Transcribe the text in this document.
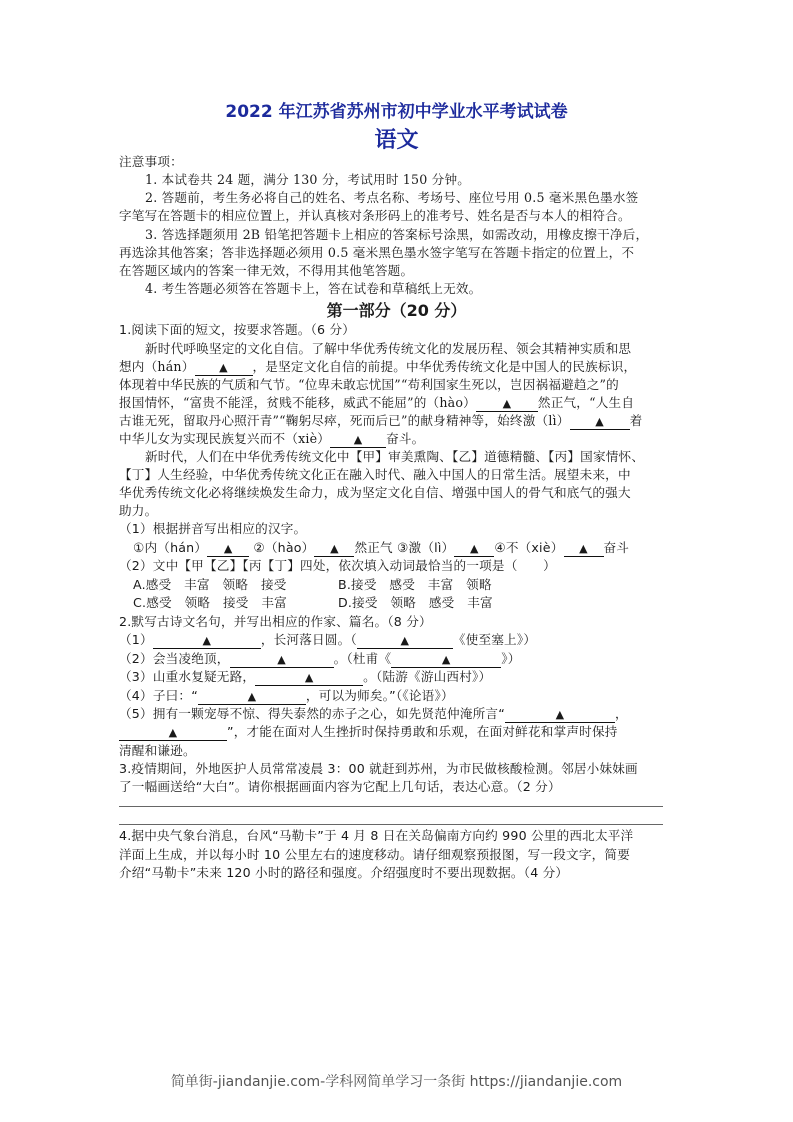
2022 年江苏省苏州市初中学业水平考试试卷
语文
注意事项：
1. 本试卷共 24 题，满分 130 分，考试用时 150 分钟。
2. 答题前，考生务必将自己的姓名、考点名称、考场号、座位号用 0.5 毫米黑色墨水签
字笔写在答题卡的相应位置上，并认真核对条形码上的准考号、姓名是否与本人的相符合。
3. 答选择题须用 2B 铅笔把答题卡上相应的答案标号涂黑，如需改动，用橡皮擦干净后，
再选涂其他答案；答非选择题必须用 0.5 毫米黑色墨水签字笔写在答题卡指定的位置上，不
在答题区域内的答案一律无效，不得用其他笔答题。
4. 考生答题必须答在答题卡上，答在试卷和草稿纸上无效。
第一部分（20 分）
1.阅读下面的短文，按要求答题。（6 分）
新时代呼唤坚定的文化自信。了解中华优秀传统文化的发展历程、领会其精神实质和思
想内（hán） ▲ ，是坚定文化自信的前提。中华优秀传统文化是中国人的民族标识，
体现着中华民族的气质和气节。“位卑未敢忘忧国”“苟利国家生死以，岂因祸福避趋之”的
报国情怀，“富贵不能淫，贫贱不能移，威武不能屈”的（hào） ▲ 然正气，“人生自
古谁无死，留取丹心照汗青”“鞠躬尽瘁，死而后已”的献身精神等，始终激（lì） ▲ 着
中华儿女为实现民族复兴而不（xiè） ▲ 奋斗。
新时代，人们在中华优秀传统文化中【甲】审美熏陶、【乙】道德精髓、【丙】国家情怀、
【丁】人生经验，中华优秀传统文化正在融入时代、融入中国人的日常生活。展望未来，中
华优秀传统文化必将继续焕发生命力，成为坚定文化自信、增强中国人的骨气和底气的强大
助力。
（1）根据拼音写出相应的汉字。
①内（hán） ▲ ②（hào） ▲ 然正气 ③激（lì） ▲ ④不（xiè） ▲ 奋斗
（2）文中【甲【乙】【丙【丁】四处，依次填入动词最恰当的一项是（　　）
A.感受　丰富　领略　接受	B.接受　感受　丰富　领略
C.感受　领略　接受　丰富	D.接受　领略　感受　丰富
2.默写古诗文名句，并写出相应的作家、篇名。（8 分）
（1）	▲	，长河落日圆。（	▲	《使至塞上》）
（2）会当凌绝顶，	▲	。（杜甫《	▲	》）
（3）山重水复疑无路，	▲	。（陆游《游山西村》）
（4）子曰：“	▲	，可以为师矣。”（《论语》）
（5）拥有一颗宠辱不惊、得失泰然的赤子之心，如先贤范仲淹所言“	▲	，
▲	”，才能在面对人生挫折时保持勇敢和乐观，在面对鲜花和掌声时保持
清醒和谦逊。
3.疫情期间，外地医护人员常常凌晨 3：00 就赶到苏州，为市民做核酸检测。邻居小妹妹画
了一幅画送给“大白”。请你根据画面内容为它配上几句话，表达心意。（2 分）
4.据中央气象台消息，台风“马勒卡”于 4 月 8 日在关岛偏南方向约 990 公里的西北太平洋
洋面上生成，并以每小时 10 公里左右的速度移动。请仔细观察预报图，写一段文字，简要
介绍“马勒卡”未来 120 小时的路径和强度。介绍强度时不要出现数据。（4 分）
简单街-jiandanjie.com-学科网简单学习一条街 https://jiandanjie.com
